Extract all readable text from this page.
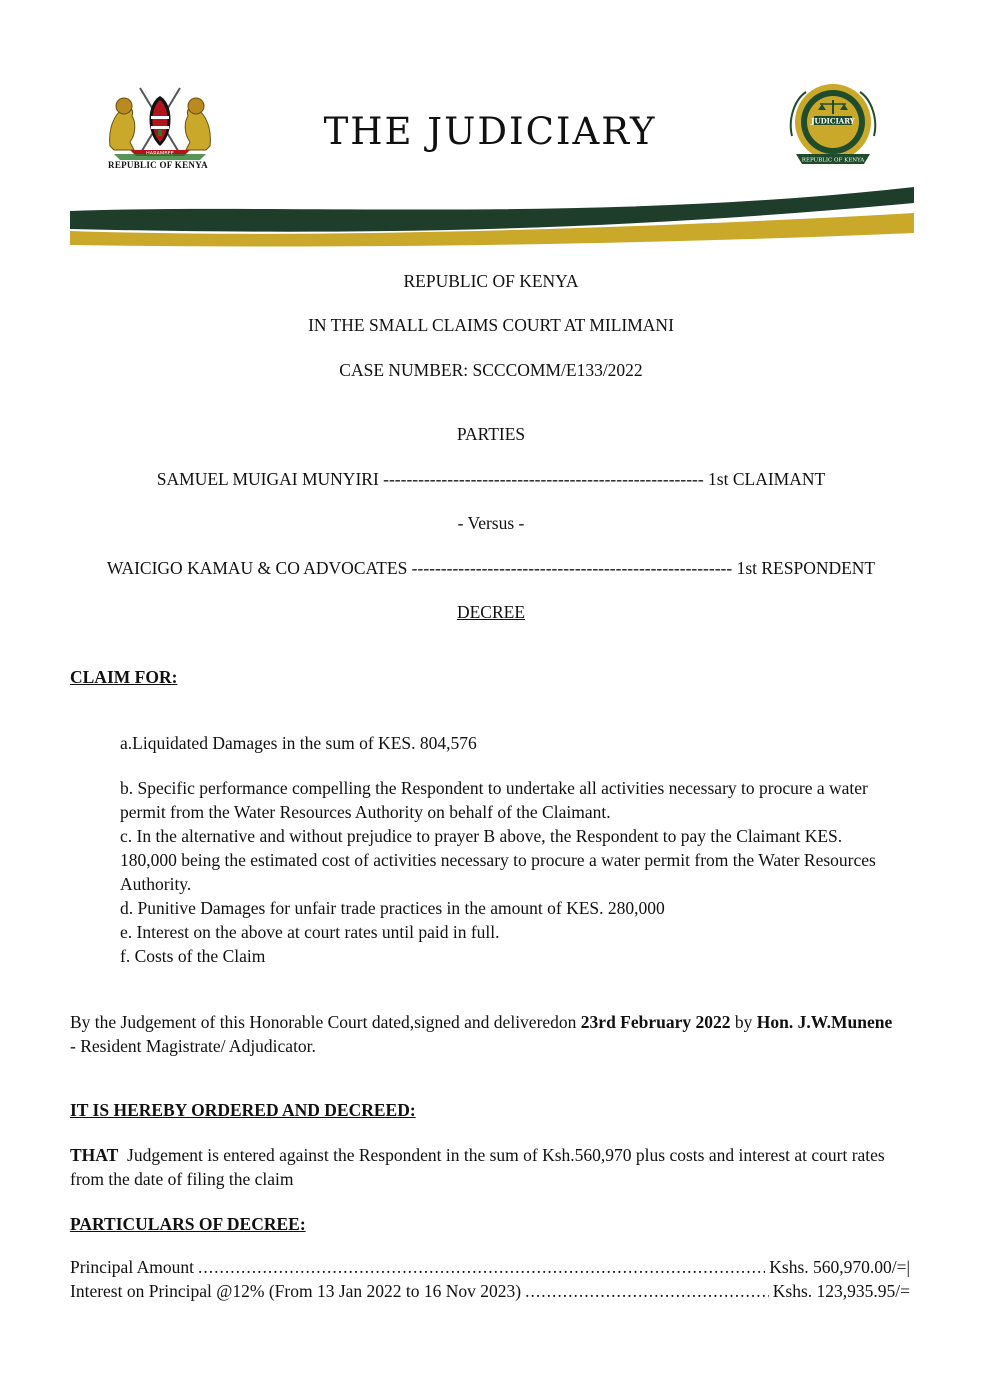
REPUBLIC OF KENYA
THE JUDICIARY	JUDICIARY
REPUBLIC OF KENYA
REPUBLIC OF KENYA
IN THE SMALL CLAIMS COURT AT MILIMANI
CASE NUMBER: SCCCOMM/E133/2022
PARTIES
SAMUEL MUIGAI MUNYIRI ------------------------------------------------------- 1st CLAIMANT
- Versus -
WAICIGO KAMAU & CO ADVOCATES ------------------------------------------------------- 1st RESPONDENT
DECREE
CLAIM FOR:
a.Liquidated Damages in the sum of KES. 804,576
b. Specific performance compelling the Respondent to undertake all activities necessary to procure a water permit from the Water Resources Authority on behalf of the Claimant.
c. In the alternative and without prejudice to prayer B above, the Respondent to pay the Claimant KES. 180,000 being the estimated cost of activities necessary to procure a water permit from the Water Resources Authority.
d. Punitive Damages for unfair trade practices in the amount of KES. 280,000
e. Interest on the above at court rates until paid in full.
f. Costs of the Claim
By the Judgement of this Honorable Court dated,signed and deliveredon 23rd February 2022 by Hon. J.W.Munene - Resident Magistrate/ Adjudicator.
IT IS HEREBY ORDERED AND DECREED:
THAT  Judgement is entered against the Respondent in the sum of Ksh.560,970 plus costs and interest at court rates from the date of filing the claim
PARTICULARS OF DECREE:
Principal Amount .....	Kshs. 560,970.00/=|
Interest on Principal @12% (From 13 Jan 2022 to 16 Nov 2023) .....	Kshs. 123,935.95/=
